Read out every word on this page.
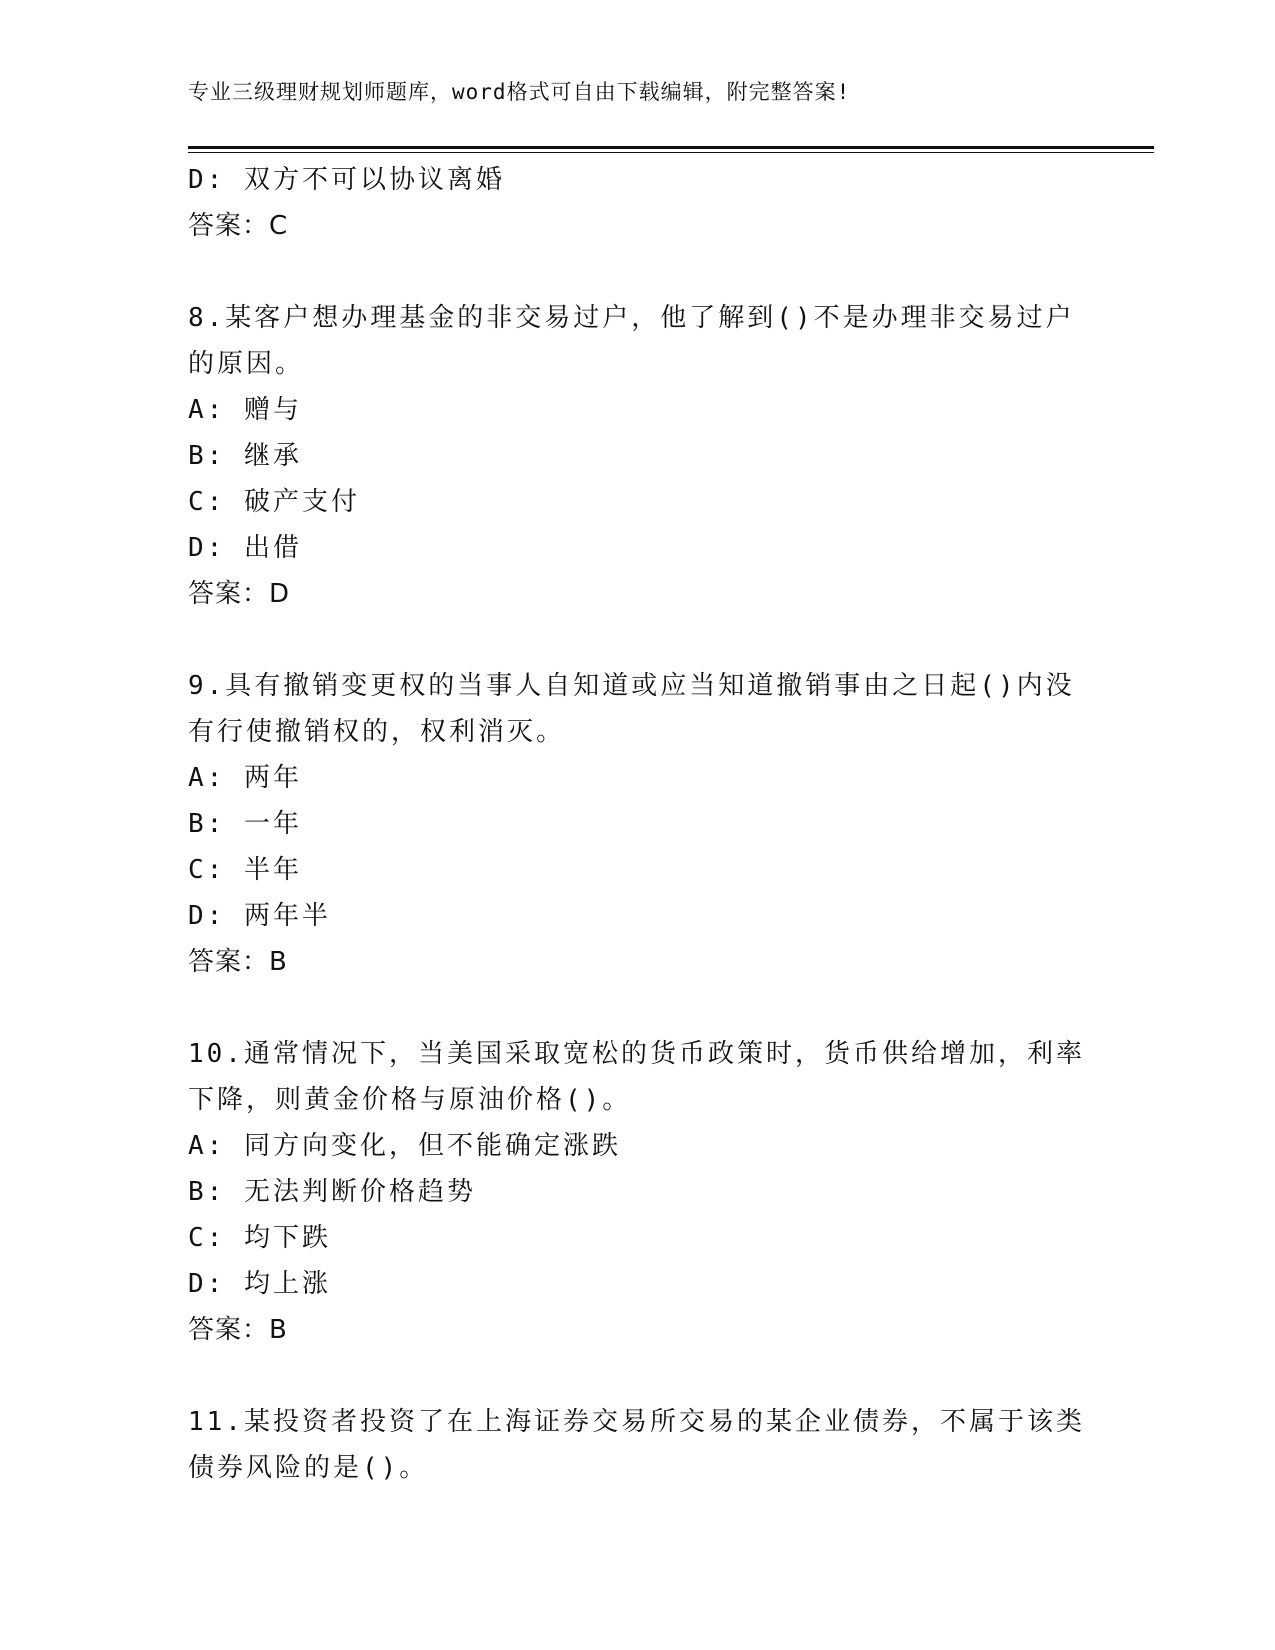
专业三级理财规划师题库，word格式可自由下载编辑，附完整答案!
D: 双方不可以协议离婚
答案：C
8.某客户想办理基金的非交易过户，他了解到()不是办理非交易过户
的原因。
A: 赠与
B: 继承
C: 破产支付
D: 出借
答案：D
9.具有撤销变更权的当事人自知道或应当知道撤销事由之日起()内没
有行使撤销权的，权利消灭。
A: 两年
B: 一年
C: 半年
D: 两年半
答案：B
10.通常情况下，当美国采取宽松的货币政策时，货币供给增加，利率
下降，则黄金价格与原油价格()。
A: 同方向变化，但不能确定涨跌
B: 无法判断价格趋势
C: 均下跌
D: 均上涨
答案：B
11.某投资者投资了在上海证券交易所交易的某企业债券，不属于该类
债券风险的是()。
